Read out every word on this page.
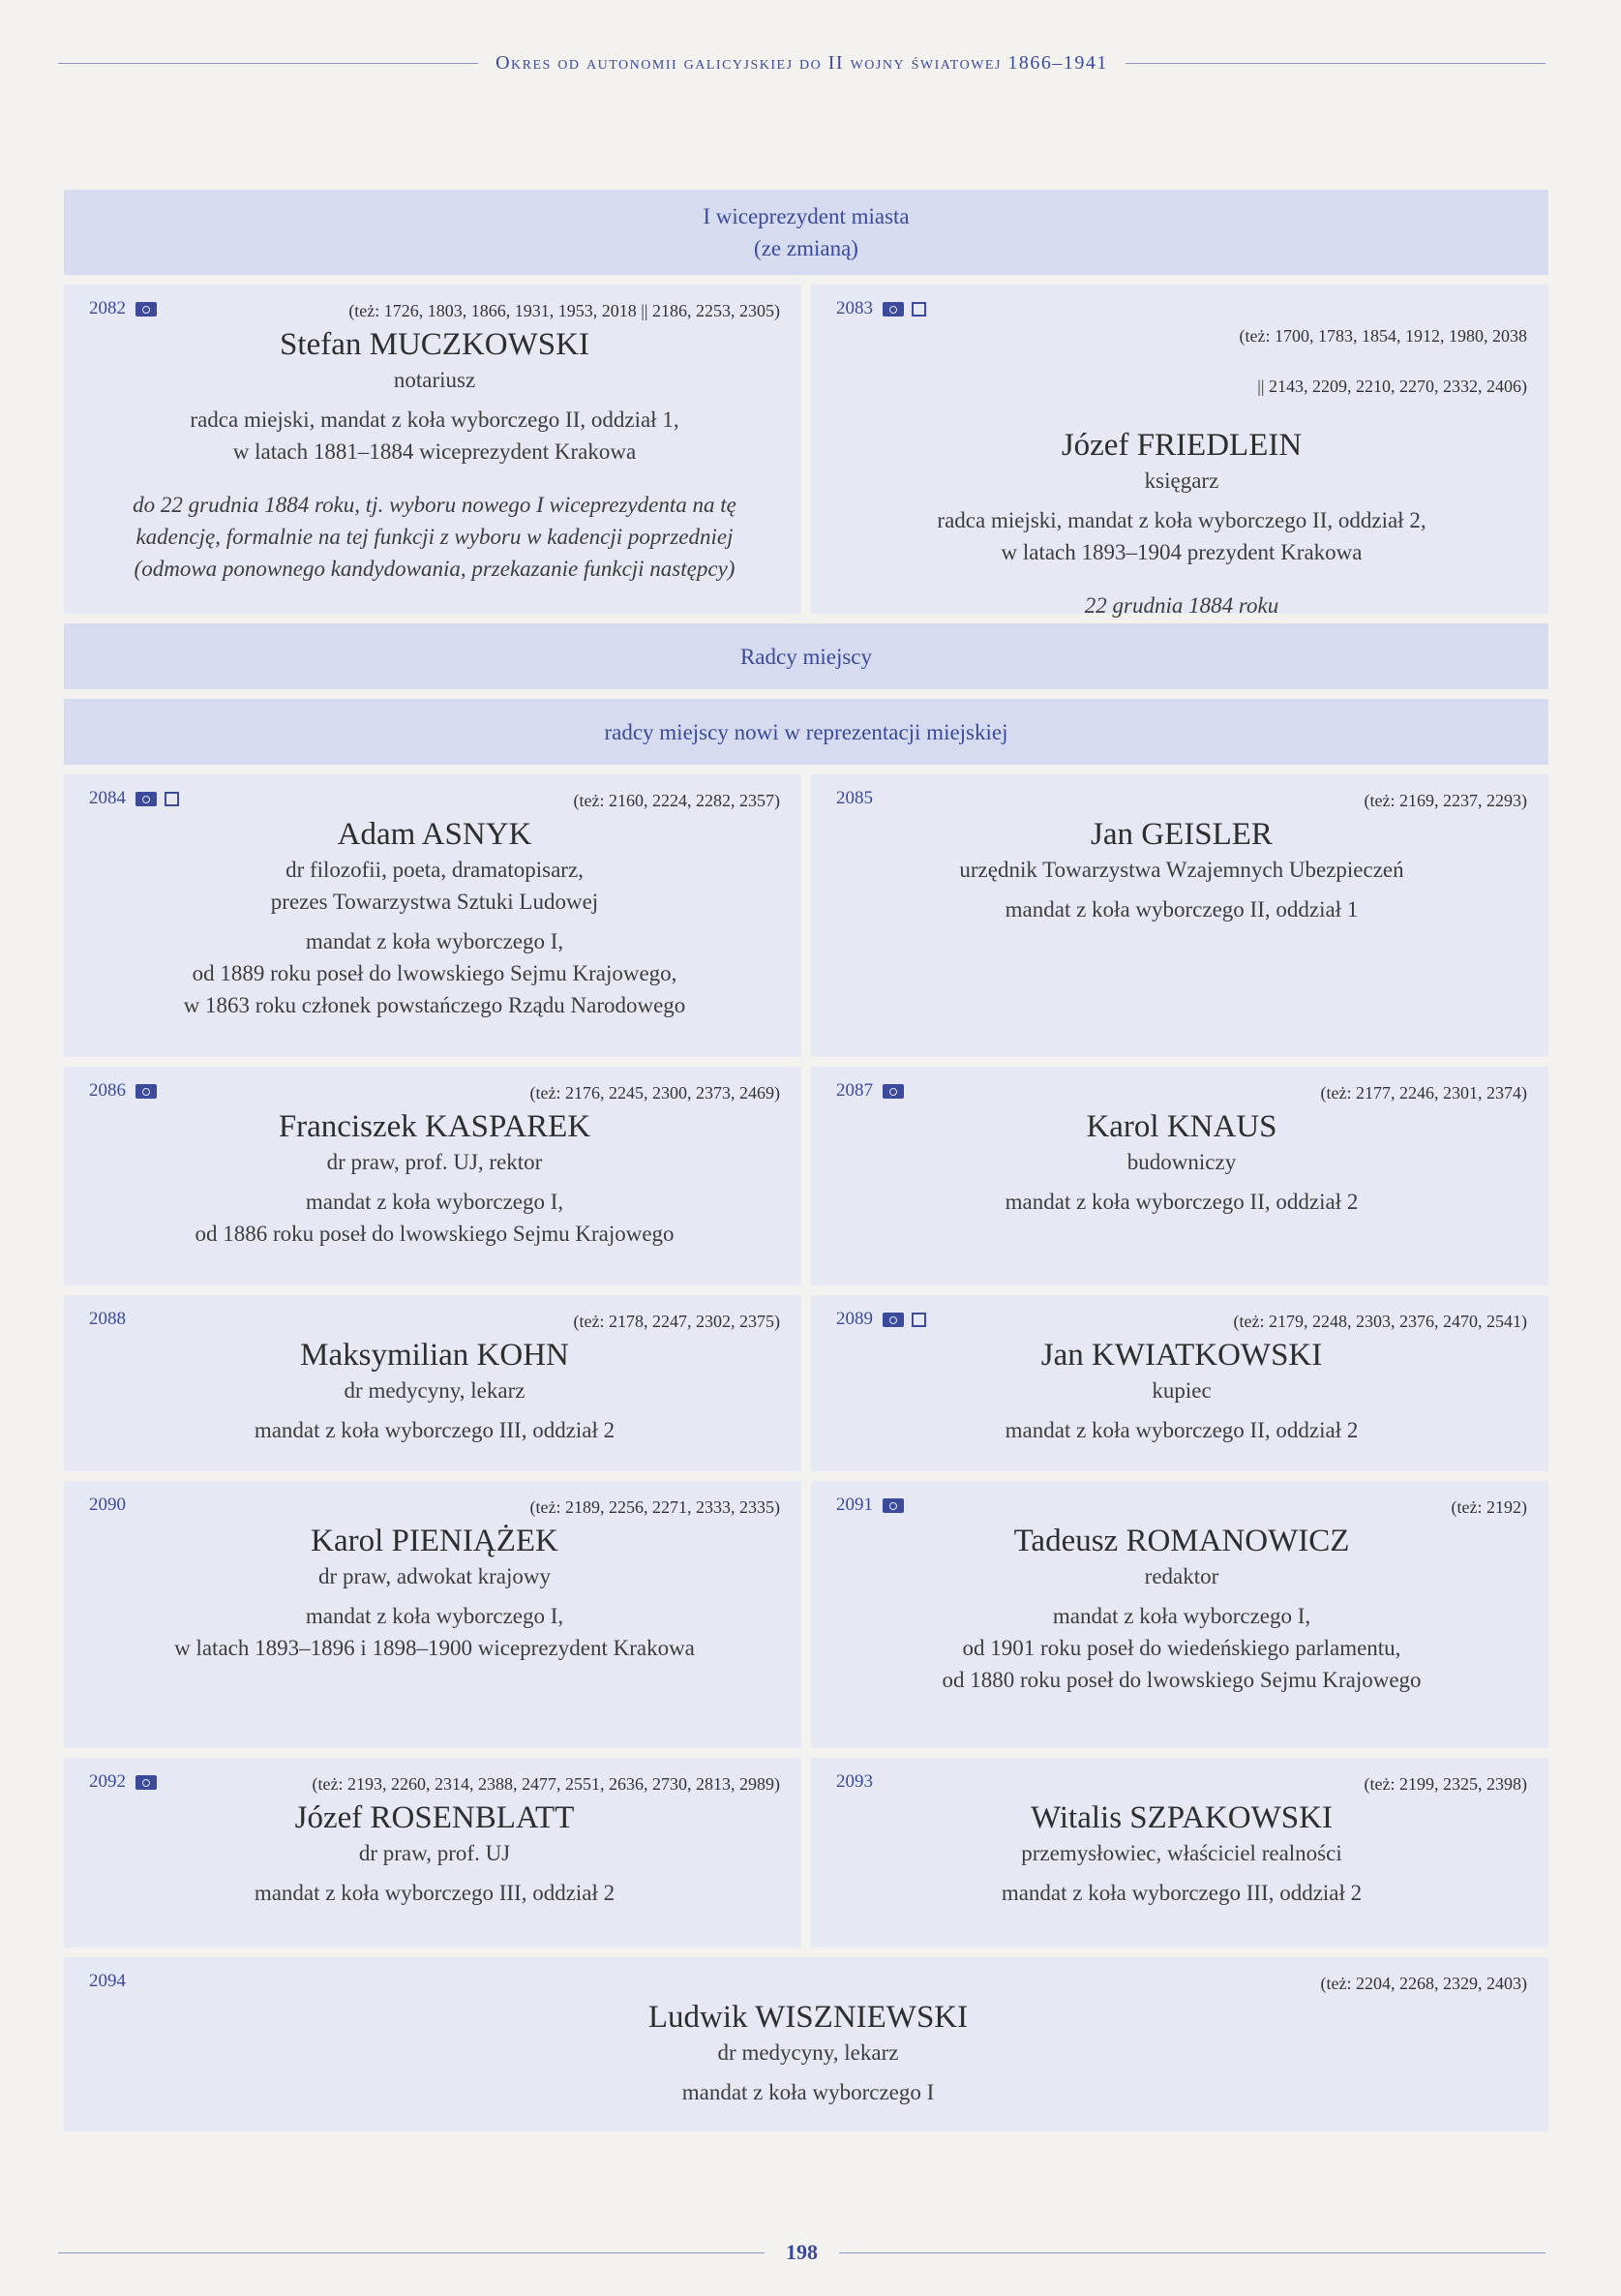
Okres od autonomii galicyjskiej do II wojny światowej 1866–1941
I wiceprezydent miasta
(ze zmianą)
2082	(też: 1726, 1803, 1866, 1931, 1953, 2018 || 2186, 2253, 2305)
Stefan MUCZKOWSKI
notariusz
radca miejski, mandat z koła wyborczego II, oddział 1,
w latach 1881–1884 wiceprezydent Krakowa
do 22 grudnia 1884 roku, tj. wyboru nowego I wiceprezydenta na tę
kadencję, formalnie na tej funkcji z wyboru w kadencji poprzedniej
(odmowa ponownego kandydowania, przekazanie funkcji następcy)
2083

(też: 1700, 1783, 1854, 1912, 1980, 2038

|| 2143, 2209, 2210, 2270, 2332, 2406)

Józef FRIEDLEIN
księgarz
radca miejski, mandat z koła wyborczego II, oddział 2,
w latach 1893–1904 prezydent Krakowa
22 grudnia 1884 roku
Radcy miejscy
radcy miejscy nowi w reprezentacji miejskiej
2084	(też: 2160, 2224, 2282, 2357)
Adam ASNYK
dr filozofii, poeta, dramatopisarz,
prezes Towarzystwa Sztuki Ludowej
mandat z koła wyborczego I,
od 1889 roku poseł do lwowskiego Sejmu Krajowego,
w 1863 roku członek powstańczego Rządu Narodowego
2085	(też: 2169, 2237, 2293)
Jan GEISLER
urzędnik Towarzystwa Wzajemnych Ubezpieczeń
mandat z koła wyborczego II, oddział 1
2086	(też: 2176, 2245, 2300, 2373, 2469)
Franciszek KASPAREK
dr praw, prof. UJ, rektor
mandat z koła wyborczego I,
od 1886 roku poseł do lwowskiego Sejmu Krajowego
2087	(też: 2177, 2246, 2301, 2374)
Karol KNAUS
budowniczy
mandat z koła wyborczego II, oddział 2
2088	(też: 2178, 2247, 2302, 2375)
Maksymilian KOHN
dr medycyny, lekarz
mandat z koła wyborczego III, oddział 2
2089	(też: 2179, 2248, 2303, 2376, 2470, 2541)
Jan KWIATKOWSKI
kupiec
mandat z koła wyborczego II, oddział 2
2090	(też: 2189, 2256, 2271, 2333, 2335)
Karol PIENIĄŻEK
dr praw, adwokat krajowy
mandat z koła wyborczego I,
w latach 1893–1896 i 1898–1900 wiceprezydent Krakowa
2091	(też: 2192)
Tadeusz ROMANOWICZ
redaktor
mandat z koła wyborczego I,
od 1901 roku poseł do wiedeńskiego parlamentu,
od 1880 roku poseł do lwowskiego Sejmu Krajowego
2092	(też: 2193, 2260, 2314, 2388, 2477, 2551, 2636, 2730, 2813, 2989)
Józef ROSENBLATT
dr praw, prof. UJ
mandat z koła wyborczego III, oddział 2
2093	(też: 2199, 2325, 2398)
Witalis SZPAKOWSKI
przemysłowiec, właściciel realności
mandat z koła wyborczego III, oddział 2
2094	(też: 2204, 2268, 2329, 2403)
Ludwik WISZNIEWSKI
dr medycyny, lekarz
mandat z koła wyborczego I
198
